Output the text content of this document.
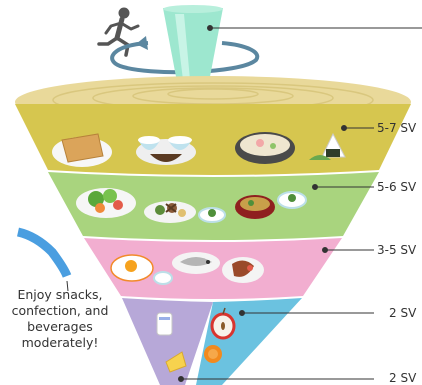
5-7 SV
5-6 SV
3-5 SV
2 SV
2 SV
Enjoy snacks,
confection, and
beverages
moderately!
